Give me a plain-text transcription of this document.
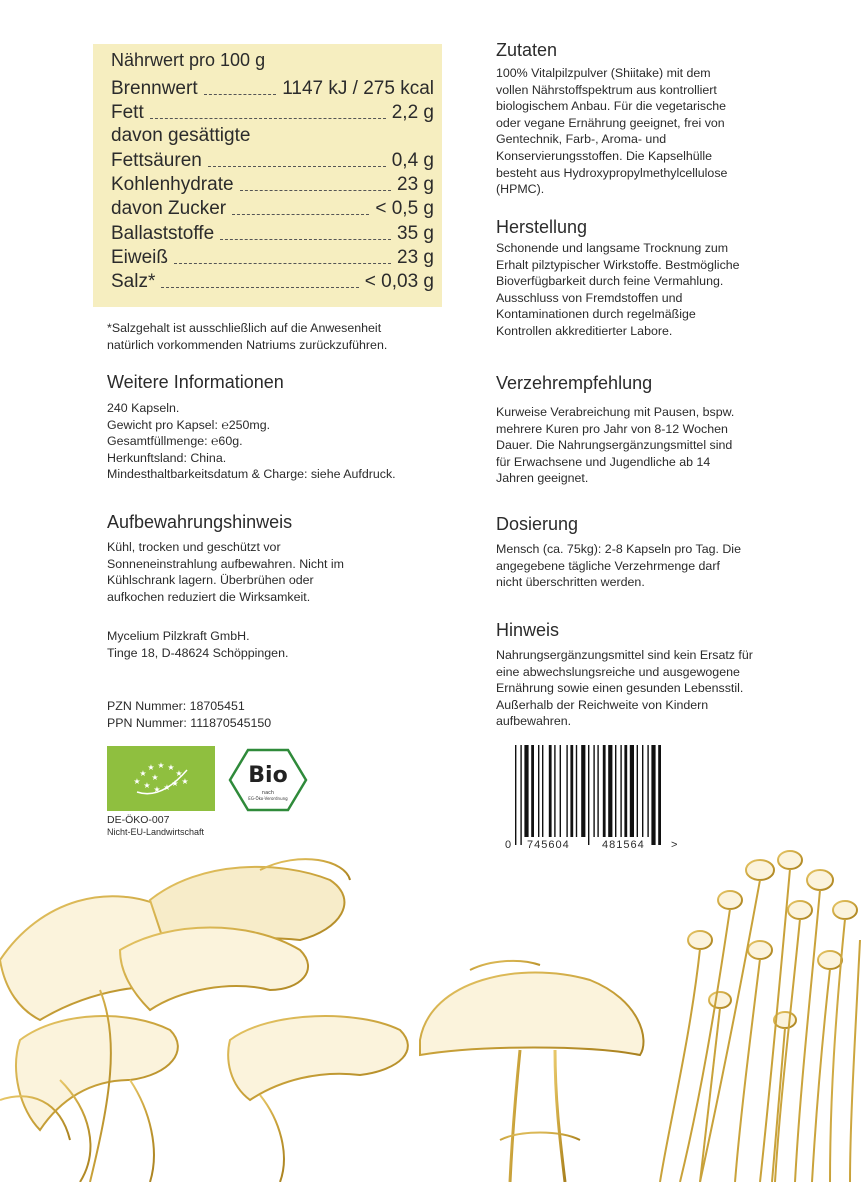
Nährwert pro 100 g
Brennwert	1147 kJ / 275 kcal
Fett	2,2 g
davon gesättigte
Fettsäuren	0,4 g
Kohlenhydrate	23 g
davon Zucker	< 0,5 g
Ballaststoffe	35 g
Eiweiß	23 g
Salz*	< 0,03 g
*Salzgehalt ist ausschließlich auf die Anwesenheit
natürlich vorkommenden Natriums zurückzuführen.
Weitere Informationen
240 Kapseln.
Gewicht pro Kapsel: ℮250mg.
Gesamtfüllmenge: ℮60g.
Herkunftsland: China.
Mindesthaltbarkeitsdatum & Charge: siehe Aufdruck.
Aufbewahrungshinweis
Kühl, trocken und geschützt vor
Sonneneinstrahlung aufbewahren. Nicht im
Kühlschrank lagern. Überbrühen oder
aufkochen reduziert die Wirksamkeit.
Mycelium Pilzkraft GmbH.
Tinge 18, D-48624 Schöppingen.
PZN Nummer: 18705451
PPN Nummer: 111870545150
★ ★
★
★
★
★
★ ★ ★ ★ ★
★	Bio
nach
EG-Öko-Verordnung
DE-ÖKO-007
Nicht-EU-Landwirtschaft
Zutaten
100% Vitalpilzpulver (Shiitake) mit dem
vollen Nährstoffspektrum aus kontrolliert
biologischem Anbau. Für die vegetarische
oder vegane Ernährung geeignet, frei von
Gentechnik, Farb-, Aroma- und
Konservierungsstoffen. Die Kapselhülle
besteht aus Hydroxypropylmethylcellulose
(HPMC).
Herstellung
Schonende und langsame Trocknung zum
Erhalt pilztypischer Wirkstoffe. Bestmögliche
Bioverfügbarkeit durch feine Vermahlung.
Ausschluss von Fremdstoffen und
Kontaminationen durch regelmäßige
Kontrollen akkreditierter Labore.
Verzehrempfehlung
Kurweise Verabreichung mit Pausen, bspw.
mehrere Kuren pro Jahr von 8-12 Wochen
Dauer. Die Nahrungsergänzungsmittel sind
für Erwachsene und Jugendliche ab 14
Jahren geeignet.
Dosierung
Mensch (ca. 75kg): 2-8 Kapseln pro Tag. Die
angegebene tägliche Verzehrmenge darf
nicht überschritten werden.
Hinweis
Nahrungsergänzungsmittel sind kein Ersatz für
eine abwechslungsreiche und ausgewogene
Ernährung sowie einen gesunden Lebensstil.
Außerhalb der Reichweite von Kindern
aufbewahren.
0 745604	481564 >
